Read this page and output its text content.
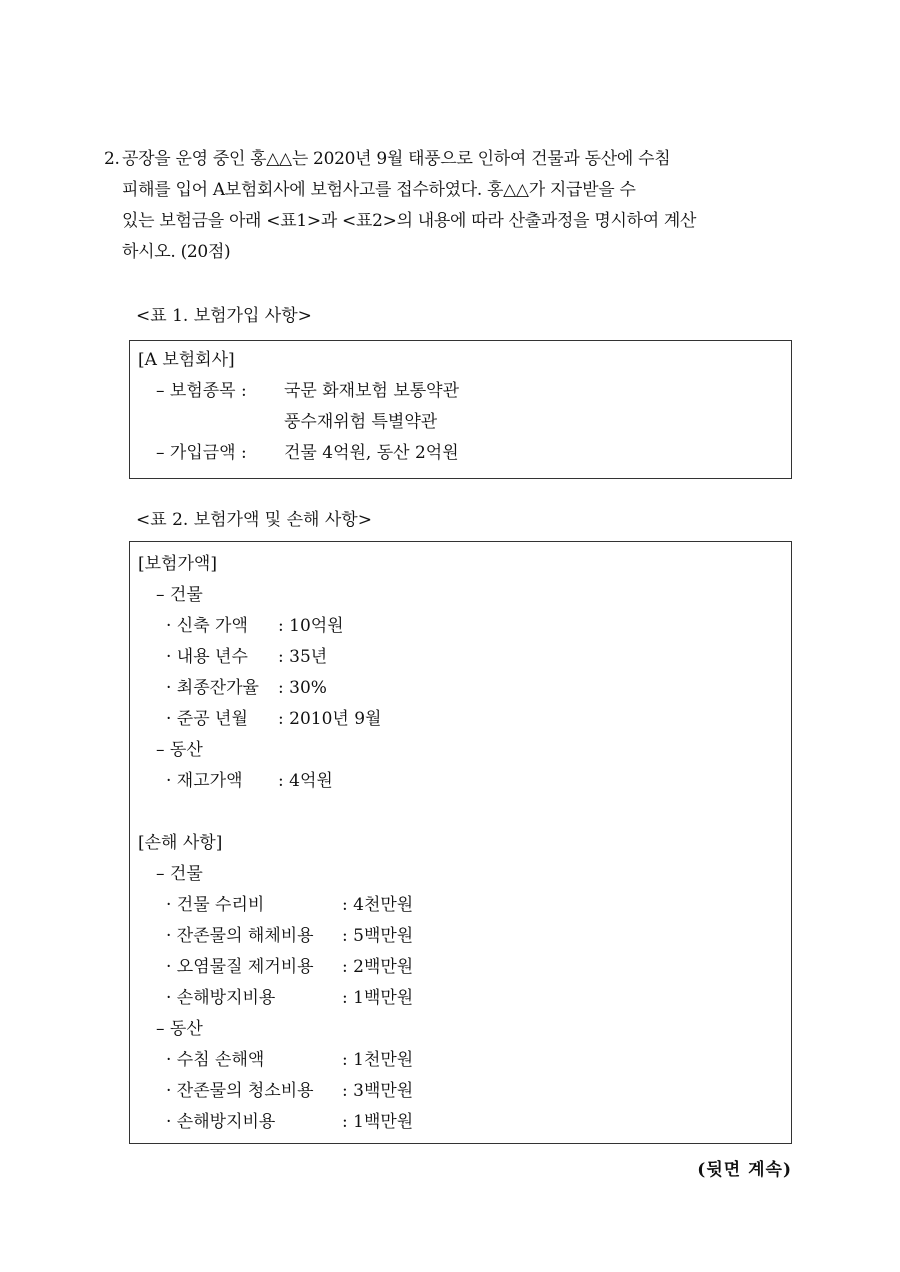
2. 공장을 운영 중인 홍△△는 2020년 9월 태풍으로 인하여 건물과 동산에 수침
피해를 입어 A보험회사에 보험사고를 접수하였다. 홍△△가 지급받을 수
있는 보험금을 아래 <표1>과 <표2>의 내용에 따라 산출과정을 명시하여 계산
하시오. (20점)
<표 1. 보험가입 사항>
[A 보험회사]
– 보험종목 :국문 화재보험 보통약관
풍수재위험 특별약관
– 가입금액 :건물 4억원, 동산 2억원
<표 2. 보험가액 및 손해 사항>
[보험가액]
– 건물
· 신축 가액 : 10억원
· 내용 년수 : 35년
· 최종잔가율 : 30%
· 준공 년월 : 2010년 9월
– 동산
· 재고가액 : 4억원
[손해 사항]
– 건물
· 건물 수리비	: 4천만원
· 잔존물의 해체비용 : 5백만원
· 오염물질 제거비용 : 2백만원
· 손해방지비용	: 1백만원
– 동산
· 수침 손해액	: 1천만원
· 잔존물의 청소비용 : 3백만원
· 손해방지비용	: 1백만원
(뒷면 계속)
